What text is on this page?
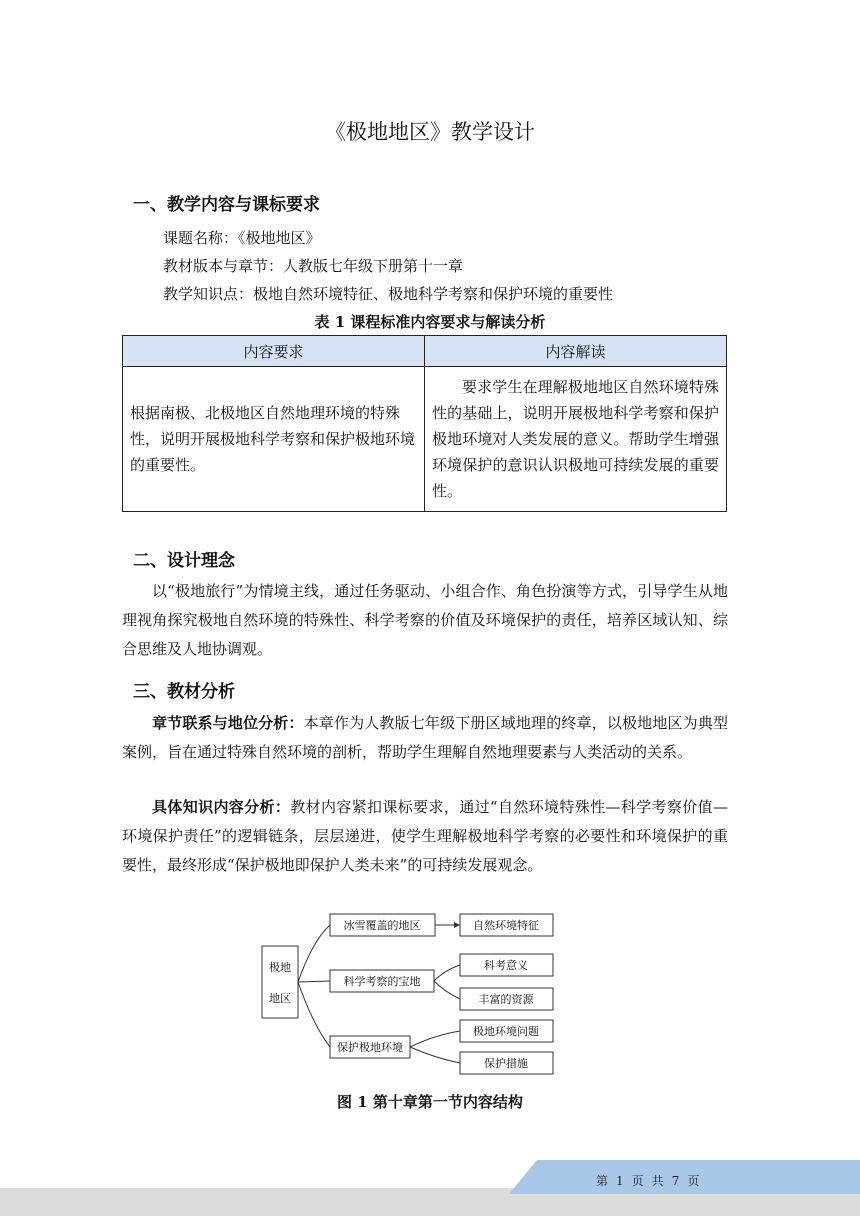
《极地地区》教学设计
一、教学内容与课标要求
课题名称：《极地地区》
教材版本与章节：人教版七年级下册第十一章
教学知识点：极地自然环境特征、极地科学考察和保护环境的重要性
表 1 课程标准内容要求与解读分析
内容要求	内容解读
根据南极、北极地区自然地理环境的特殊性，说明开展极地科学考察和保护极地环境的重要性。	要求学生在理解极地地区自然环境特殊性的基础上，说明开展极地科学考察和保护极地环境对人类发展的意义。帮助学生增强环境保护的意识认识极地可持续发展的重要性。
二、设计理念
以“极地旅行”为情境主线，通过任务驱动、小组合作、角色扮演等方式，引导学生从地理视角探究极地自然环境的特殊性、科学考察的价值及环境保护的责任，培养区域认知、综合思维及人地协调观。
三、教材分析
章节联系与地位分析：本章作为人教版七年级下册区域地理的终章，以极地地区为典型案例，旨在通过特殊自然环境的剖析，帮助学生理解自然地理要素与人类活动的关系。
具体知识内容分析：教材内容紧扣课标要求，通过“自然环境特殊性—科学考察价值—环境保护责任”的逻辑链条，层层递进，使学生理解极地科学考察的必要性和环境保护的重要性，最终形成“保护极地即保护人类未来”的可持续发展观念。
极地
地区
冰雪覆盖的地区
科学考察的宝地
保护极地环境
自然环境特征
科考意义
丰富的资源
极地环境问题
保护措施
图 1 第十章第一节内容结构
第 1 页 共 7 页
